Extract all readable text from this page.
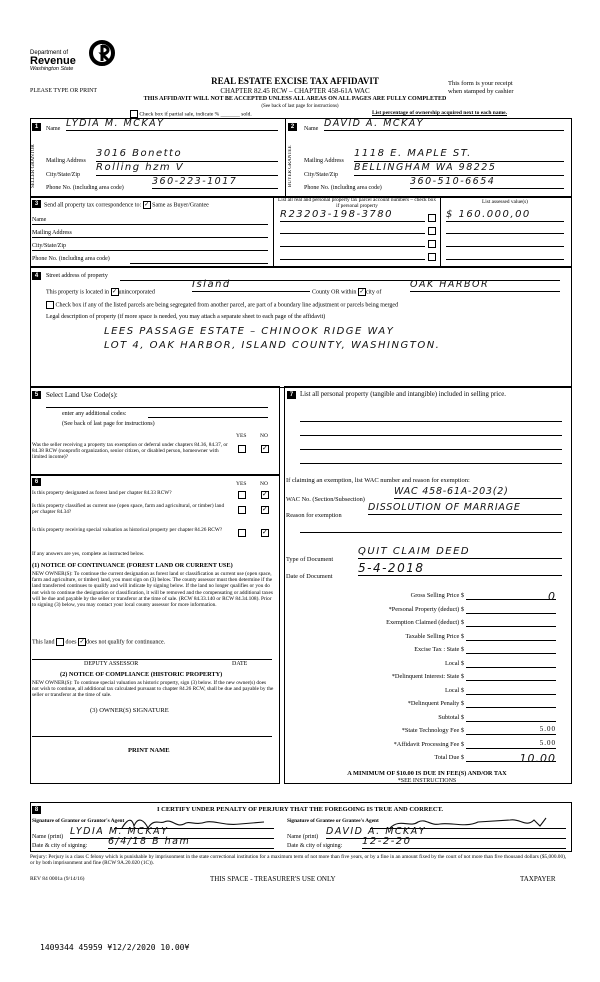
Department of
Revenue
Washington State
PLEASE TYPE OR PRINT
REAL ESTATE EXCISE TAX AFFIDAVIT
CHAPTER 82.45 RCW – CHAPTER 458-61A WAC
THIS AFFIDAVIT WILL NOT BE ACCEPTED UNLESS ALL AREAS ON ALL PAGES ARE FULLY COMPLETED
(See back of last page for instructions)
Check box if partial sale, indicate % _______ sold.	List percentage of ownership acquired next to each name.
This form is your receipt
when stamped by cashier
1	2
SELLER GRANTOR	BUYER GRANTEE
Name LYDIA M. MCKAY
Mailing Address
3016 Bonetto
City/State/Zip
Rolling hzm V
Phone No. (including area code)
360-223-1017
Name DAVID A. MCKAY
Mailing Address
1118 E. MAPLE ST.
City/State/Zip
BELLINGHAM WA 98225
Phone No. (including area code)
360-510-6654
3 Send all property tax correspondence to: ✓ Same as Buyer/Grantee
Name
Mailing Address
City/State/Zip
Phone No. (including area code)
List all real and personal property tax parcel account numbers – check box if personal property
List assessed value(s)
R23203-198-3780	$ 160.000,00
4	Street address of property
This property is located in ✓unincorporated
Island
County OR within ✓city of
OAK HARBOR
Check box if any of the listed parcels are being segregated from another parcel, are part of a boundary line adjustment or parcels being merged
Legal description of property (if more space is needed, you may attach a separate sheet to each page of the affidavit)
LEES PASSAGE ESTATE – CHINOOK RIDGE WAY
LOT 4, OAK HARBOR, ISLAND COUNTY, WASHINGTON.
5	Select Land Use Code(s):
enter any additional codes:
(See back of last page for instructions)
YES NO
Was the seller receiving a property tax exemption or deferral under chapters 84.36, 84.37, or 84.38 RCW (nonprofit organization, senior citizen, or disabled person, homeowner with limited income)?
✓
6	YES NO
Is this property designated as forest land per chapter 84.33 RCW?	✓
Is this property classified as current use (open space, farm and agricultural, or timber) land per chapter 84.34?	✓
Is this property receiving special valuation as historical property per chapter 84.26 RCW?	✓
If any answers are yes, complete as instructed below.
(1) NOTICE OF CONTINUANCE (FOREST LAND OR CURRENT USE)
NEW OWNER(S): To continue the current designation as forest land or classification as current use (open space, farm and agriculture, or timber) land, you must sign on (3) below. The county assessor must then determine if the land transferred continues to qualify and will indicate by signing below. If the land no longer qualifies or you do not wish to continue the designation or classification, it will be removed and the compensating or additional taxes will be due and payable by the seller or transferor at the time of sale. (RCW 84.33.140 or RCW 84.34.108). Prior to signing (3) below, you may contact your local county assessor for more information.
This land does ✓does not qualify for continuance.
DEPUTY ASSESSOR	DATE
(2) NOTICE OF COMPLIANCE (HISTORIC PROPERTY)
NEW OWNER(S): To continue special valuation as historic property, sign (3) below. If the new owner(s) does not wish to continue, all additional tax calculated pursuant to chapter 84.26 RCW, shall be due and payable by the seller or transferor at the time of sale.
(3) OWNER(S) SIGNATURE
PRINT NAME
7	List all personal property (tangible and intangible) included in selling price.
If claiming an exemption, list WAC number and reason for exemption:
WAC No. (Section/Subsection)
WAC 458-61A-203(2)
Reason for exemption
DISSOLUTION OF MARRIAGE
Type of Document
QUIT CLAIM DEED
Date of Document
5-4-2018
Gross Selling Price $	0
*Personal Property (deduct) $
Exemption Claimed (deduct) $
Taxable Selling Price $
Excise Tax : State $
Local $
*Delinquent Interest: State $
Local $
*Delinquent Penalty $
Subtotal $
*State Technology Fee $	5.00
*Affidavit Processing Fee $	5.00
Total Due $	10.00
A MINIMUM OF $10.00 IS DUE IN FEE(S) AND/OR TAX
*SEE INSTRUCTIONS
8	I CERTIFY UNDER PENALTY OF PERJURY THAT THE FOREGOING IS TRUE AND CORRECT.
Signature of Grantor or Grantor's Agent	Signature of Grantee or Grantee's Agent
Name (print) LYDIA M. MCKAY	Name (print) DAVID A. MCKAY
Date & city of signing: 6/4/18 B ham	Date & city of signing: 12-2-20
Perjury: Perjury is a class C felony which is punishable by imprisonment in the state correctional institution for a maximum term of not more than five years, or by a fine in an amount fixed by the court of not more than five thousand dollars ($5,000.00), or by both imprisonment and fine (RCW 9A.20.020 (1C)).
REV 84 0001a (9/14/16)	THIS SPACE - TREASURER'S USE ONLY	TAXPAYER
1409344 45959 ¥12/2/2020 10.00¥
